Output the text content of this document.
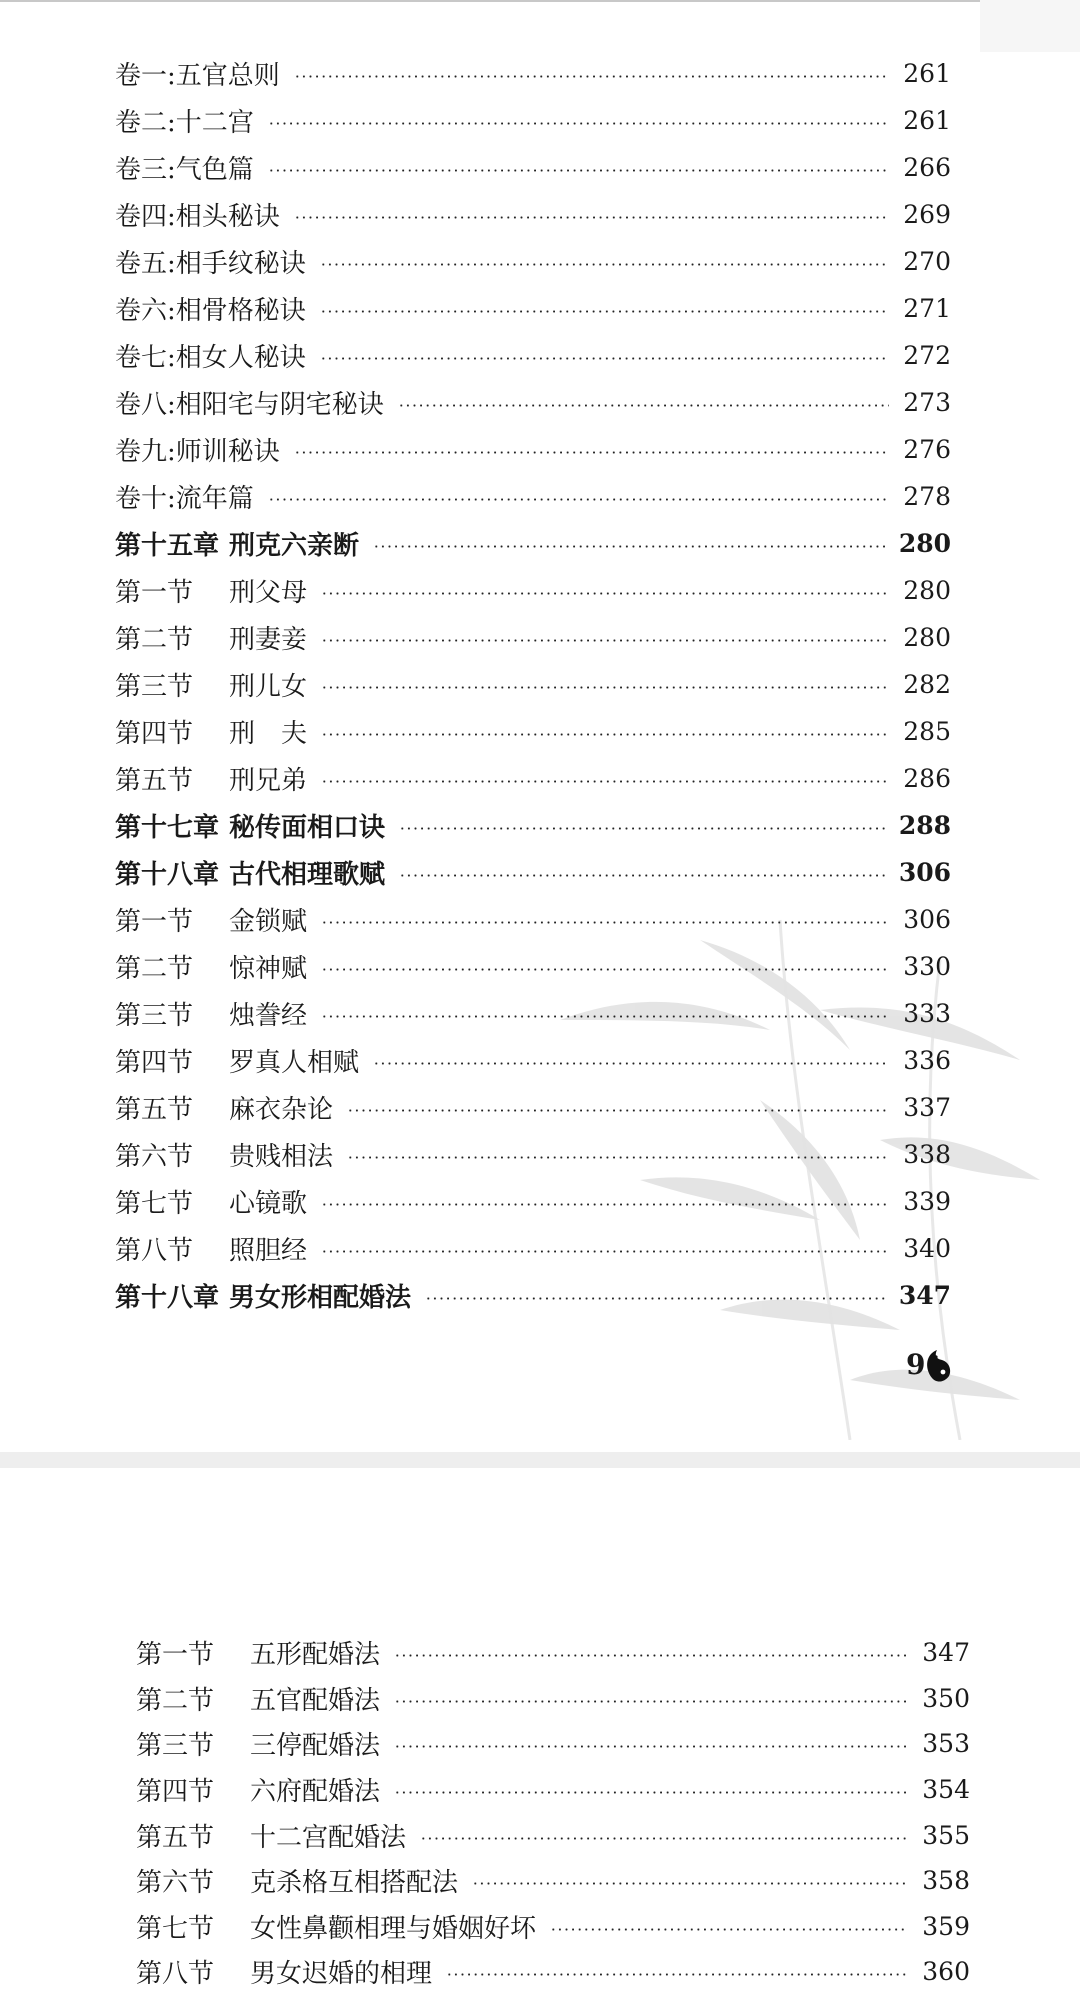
卷一:五官总则	261
卷二:十二宫	261
卷三:气色篇	266
卷四:相头秘诀	269
卷五:相手纹秘诀	270
卷六:相骨格秘诀	271
卷七:相女人秘诀	272
卷八:相阳宅与阴宅秘诀	273
卷九:师训秘诀	276
卷十:流年篇	278
第十五章 刑克六亲断	280
第一节 刑父母	280
第二节 刑妻妾	280
第三节 刑儿女	282
第四节 刑　夫	285
第五节 刑兄弟	286
第十七章 秘传面相口诀	288
第十八章 古代相理歌赋	306
第一节 金锁赋	306
第二节 惊神赋	330
第三节 烛誊经	333
第四节 罗真人相赋	336
第五节 麻衣杂论	337
第六节 贵贱相法	338
第七节 心镜歌	339
第八节 照胆经	340
第十八章 男女形相配婚法	347
9
第一节 五形配婚法	347
第二节 五官配婚法	350
第三节 三停配婚法	353
第四节 六府配婚法	354
第五节 十二宫配婚法	355
第六节 克杀格互相搭配法	358
第七节 女性鼻颧相理与婚姻好坏	359
第八节 男女迟婚的相理	360
